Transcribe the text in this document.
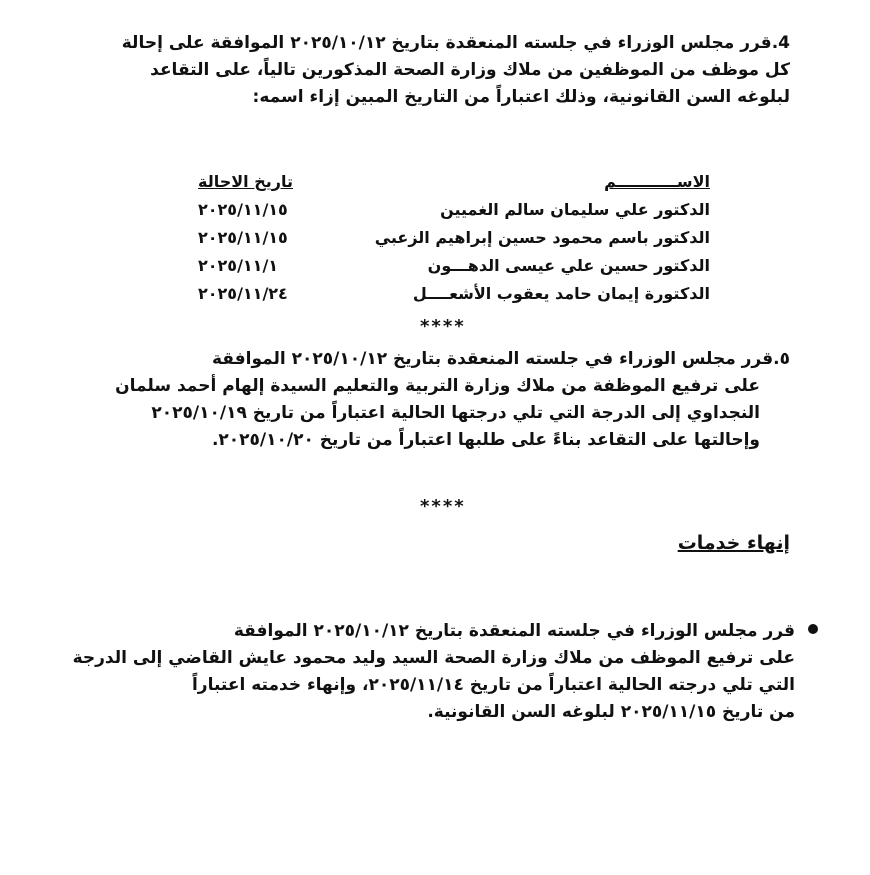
4.قرر مجلس الوزراء في جلسته المنعقدة بتاريخ ٢٠٢٥/١٠/١٢ الموافقة على إحالة
كل موظف من الموظفين من ملاك وزارة الصحة المذكورين تالياً، على التقاعد
لبلوغه السن القانونية، وذلك اعتباراً من التاريخ المبين إزاء اسمه:
الاســـــــــــم
تاريخ الاحالة
الدكتور علي سليمان سالم الغميين
٢٠٢٥/١١/١٥
الدكتور باسم محمود حسين إبراهيم الزعبي
٢٠٢٥/١١/١٥
الدكتور حسين علي عيسى الدهـــون
٢٠٢٥/١١/١
الدكتورة إيمان حامد يعقوب الأشعــــل
٢٠٢٥/١١/٢٤
****
٥.قرر مجلس الوزراء في جلسته المنعقدة بتاريخ ٢٠٢٥/١٠/١٢ الموافقة
على ترفيع الموظفة من ملاك وزارة التربية والتعليم السيدة إلهام أحمد سلمان
النجداوي إلى الدرجة التي تلي درجتها الحالية اعتباراً من تاريخ ٢٠٢٥/١٠/١٩
وإحالتها على التقاعد بناءً على طلبها اعتباراً من تاريخ ٢٠٢٥/١٠/٢٠.
****
إنهاء خدمات
قرر مجلس الوزراء في جلسته المنعقدة بتاريخ ٢٠٢٥/١٠/١٢ الموافقة
على ترفيع الموظف من ملاك وزارة الصحة السيد وليد محمود عايش القاضي إلى الدرجة
التي تلي درجته الحالية اعتباراً من تاريخ ٢٠٢٥/١١/١٤، وإنهاء خدمته اعتباراً
من تاريخ ٢٠٢٥/١١/١٥ لبلوغه السن القانونية.
